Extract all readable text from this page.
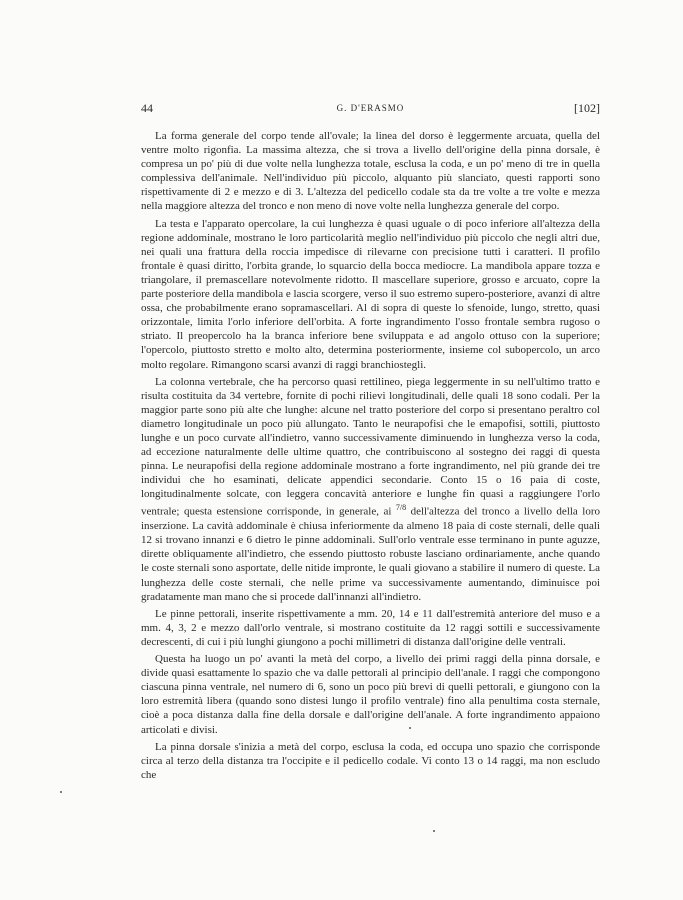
44	G. D'ERASMO	[102]

La forma generale del corpo tende all'ovale; la linea del dorso è leggermente arcuata, quella del ventre molto rigonfia. La massima altezza, che si trova a livello dell'origine della pinna dorsale, è compresa un po' più di due volte nella lunghezza totale, esclusa la coda, e un po' meno di tre in quella complessiva dell'animale. Nell'individuo più piccolo, alquanto più slanciato, questi rapporti sono rispettivamente di 2 e mezzo e di 3. L'altezza del pedicello codale sta da tre volte a tre volte e mezza nella maggiore altezza del tronco e non meno di nove volte nella lunghezza generale del corpo.

La testa e l'apparato opercolare, la cui lunghezza è quasi uguale o di poco inferiore all'altezza della regione addominale, mostrano le loro particolarità meglio nell'individuo più piccolo che negli altri due, nei quali una frattura della roccia impedisce di rilevarne con precisione tutti i caratteri. Il profilo frontale è quasi diritto, l'orbita grande, lo squarcio della bocca mediocre. La mandibola appare tozza e triangolare, il premascellare notevolmente ridotto. Il mascellare superiore, grosso e arcuato, copre la parte posteriore della mandibola e lascia scorgere, verso il suo estremo supero-posteriore, avanzi di altre ossa, che probabilmente erano sopramascellari. Al di sopra di queste lo sfenoide, lungo, stretto, quasi orizzontale, limita l'orlo inferiore dell'orbita. A forte ingrandimento l'osso frontale sembra rugoso o striato. Il preopercolo ha la branca inferiore bene sviluppata e ad angolo ottuso con la superiore; l'opercolo, piuttosto stretto e molto alto, determina posteriormente, insieme col subopercolo, un arco molto regolare. Rimangono scarsi avanzi di raggi branchiostegli.

La colonna vertebrale, che ha percorso quasi rettilineo, piega leggermente in su nell'ultimo tratto e risulta costituita da 34 vertebre, fornite di pochi rilievi longitudinali, delle quali 18 sono codali. Per la maggior parte sono più alte che lunghe: alcune nel tratto posteriore del corpo si presentano peraltro col diametro longitudinale un poco più allungato. Tanto le neurapofisi che le emapofisi, sottili, piuttosto lunghe e un poco curvate all'indietro, vanno successivamente diminuendo in lunghezza verso la coda, ad eccezione naturalmente delle ultime quattro, che contribuiscono al sostegno dei raggi di questa pinna. Le neurapofisi della regione addominale mostrano a forte ingrandimento, nel più grande dei tre individui che ho esaminati, delicate appendici secondarie. Conto 15 o 16 paia di coste, longitudinalmente solcate, con leggera concavità anteriore e lunghe fin quasi a raggiungere l'orlo ventrale; questa estensione corrisponde, in generale, ai $^{7/8}$ dell'altezza del tronco a livello della loro inserzione. La cavità addominale è chiusa inferiormente da almeno 18 paia di coste sternali, delle quali 12 si trovano innanzi e 6 dietro le pinne addominali. Sull'orlo ventrale esse terminano in punte aguzze, dirette obliquamente all'indietro, che essendo piuttosto robuste lasciano ordinariamente, anche quando le coste sternali sono asportate, delle nitide impronte, le quali giovano a stabilire il numero di queste. La lunghezza delle coste sternali, che nelle prime va successivamente aumentando, diminuisce poi gradatamente man mano che si procede dall'innanzi all'indietro.

Le pinne pettorali, inserite rispettivamente a mm. 20, 14 e 11 dall'estremità anteriore del muso e a mm. 4, 3, 2 e mezzo dall'orlo ventrale, si mostrano costituite da 12 raggi sottili e successivamente decrescenti, di cui i più lunghi giungono a pochi millimetri di distanza dall'origine delle ventrali.

Questa ha luogo un po' avanti la metà del corpo, a livello dei primi raggi della pinna dorsale, e divide quasi esattamente lo spazio che va dalle pettorali al principio dell'anale. I raggi che compongono ciascuna pinna ventrale, nel numero di 6, sono un poco più brevi di quelli pettorali, e giungono con la loro estremità libera (quando sono distesi lungo il profilo ventrale) fino alla penultima costa sternale, cioè a poca distanza dalla fine della dorsale e dall'origine dell'anale. A forte ingrandimento appaiono articolati e divisi.

La pinna dorsale s'inizia a metà del corpo, esclusa la coda, ed occupa uno spazio che corrisponde circa al terzo della distanza tra l'occipite e il pedicello codale. Vi conto 13 o 14 raggi, ma non escludo che
